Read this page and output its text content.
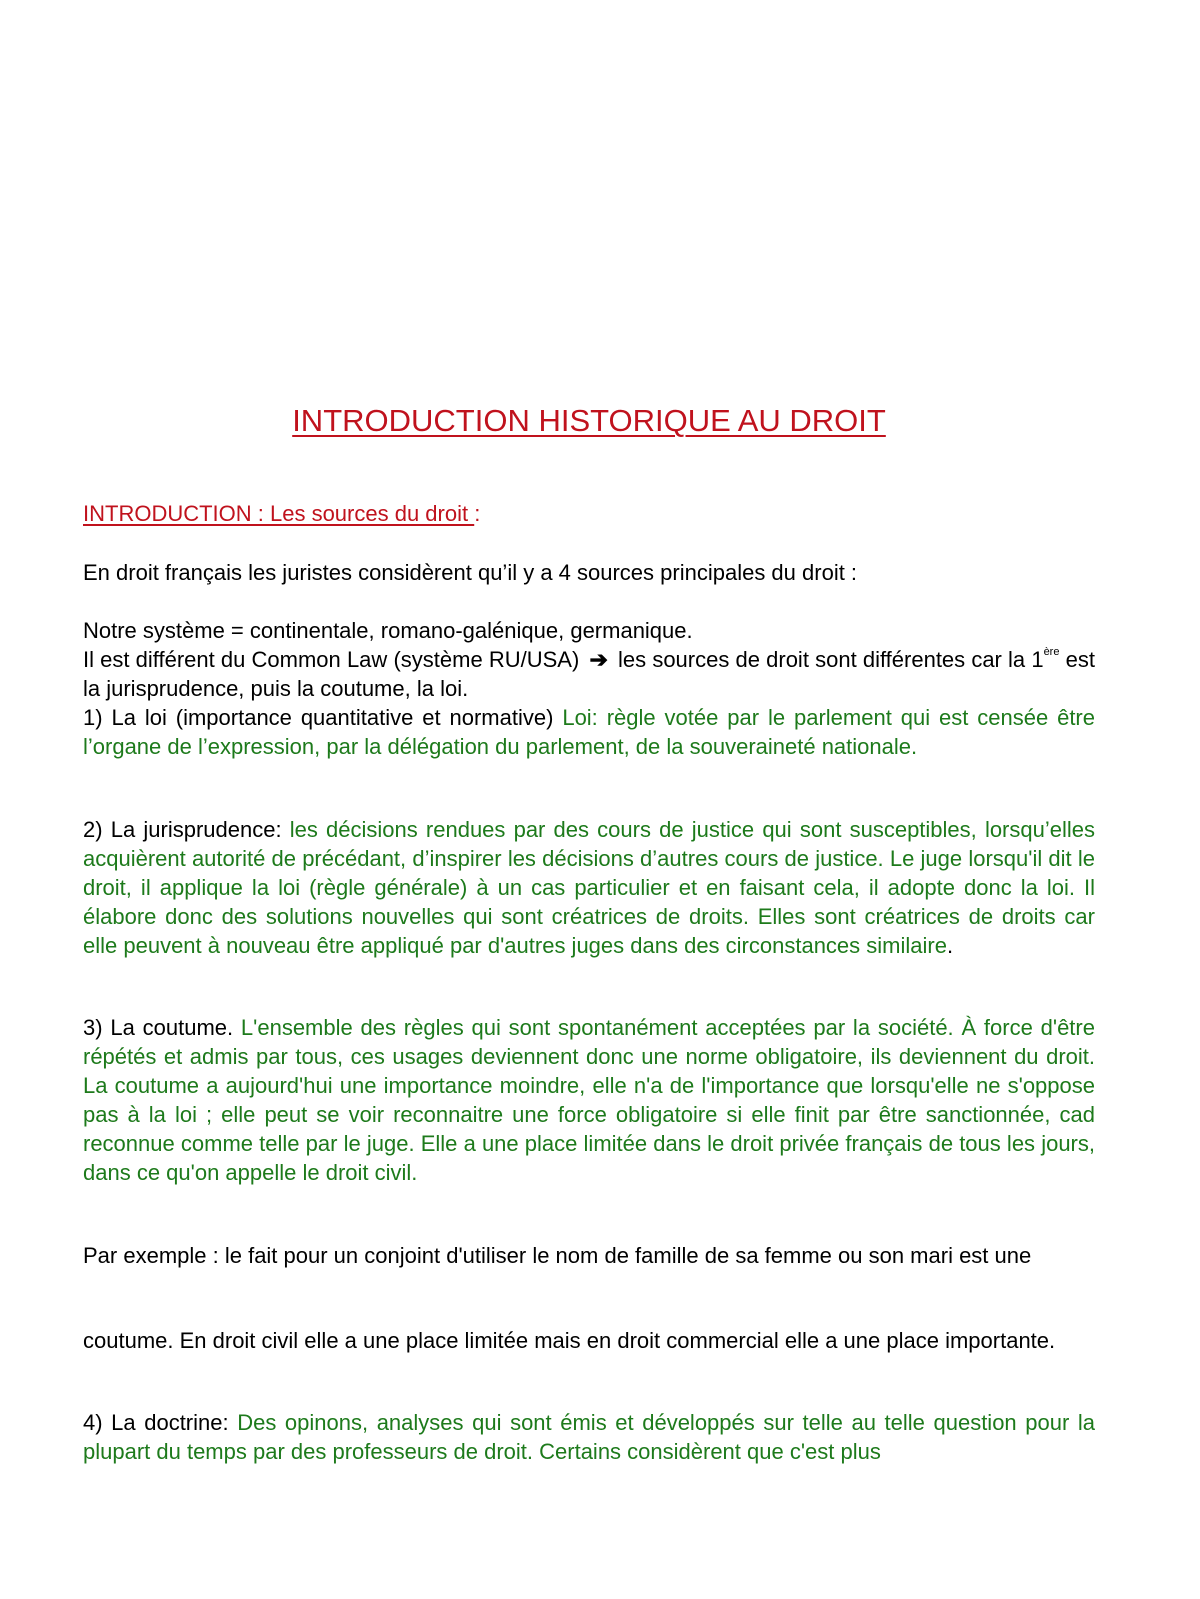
INTRODUCTION HISTORIQUE AU DROIT
INTRODUCTION : Les sources du droit :
En droit français les juristes considèrent qu’il y a 4 sources principales du droit :
Notre système = continentale, romano-galénique, germanique.
Il est différent du Common Law (système RU/USA) ➔ les sources de droit sont différentes car la 1ère est la jurisprudence, puis la coutume, la loi.
1) La loi (importance quantitative et normative) Loi: règle votée par le parlement qui est censée être l’organe de l’expression, par la délégation du parlement, de la souveraineté nationale.
2) La jurisprudence: les décisions rendues par des cours de justice qui sont susceptibles, lorsqu’elles acquièrent autorité de précédant, d’inspirer les décisions d’autres cours de justice. Le juge lorsqu'il dit le droit, il applique la loi (règle générale) à un cas particulier et en faisant cela, il adopte donc la loi. Il élabore donc des solutions nouvelles qui sont créatrices de droits. Elles sont créatrices de droits car elle peuvent à nouveau être appliqué par d'autres juges dans des circonstances similaire.
3) La coutume. L'ensemble des règles qui sont spontanément acceptées par la société. À force d'être répétés et admis par tous, ces usages deviennent donc une norme obligatoire, ils deviennent du droit. La coutume a aujourd'hui une importance moindre, elle n'a de l'importance que lorsqu'elle ne s'oppose pas à la loi ; elle peut se voir reconnaitre une force obligatoire si elle finit par être sanctionnée, cad reconnue comme telle par le juge. Elle a une place limitée dans le droit privée français de tous les jours, dans ce qu'on appelle le droit civil.
Par exemple : le fait pour un conjoint d'utiliser le nom de famille de sa femme ou son mari est une
coutume. En droit civil elle a une place limitée mais en droit commercial elle a une place importante.
4) La doctrine: Des opinons, analyses qui sont émis et développés sur telle au telle question pour la plupart du temps par des professeurs de droit. Certains considèrent que c'est plus
